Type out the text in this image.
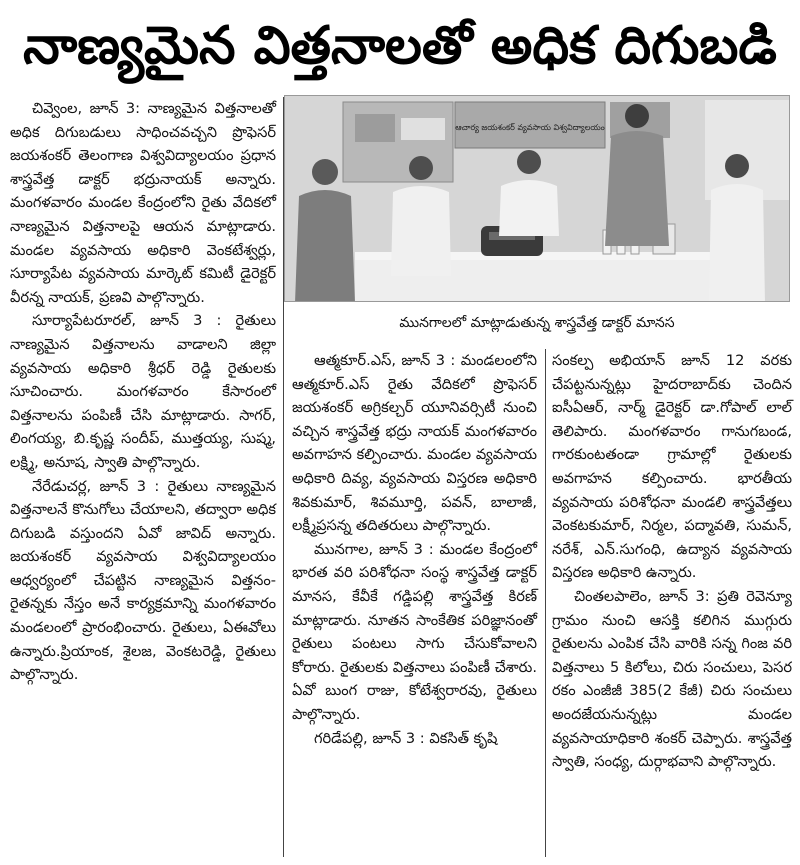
నాణ్యమైన విత్తనాలతో అధిక దిగుబడి
ఆచార్య జయశంకర్ వ్యవసాయ విశ్వవిద్యాలయం
మునగాలలో మాట్లాడుతున్న శాస్త్రవేత్త డాక్టర్ మానస

చివ్వెంల, జూన్ 3: నాణ్యమైన విత్తనాలతో అధిక దిగుబడులు సాధించవచ్చని ప్రొఫెసర్ జయశంకర్ తెలంగాణ విశ్వవిద్యాలయం ప్రధాన శాస్త్రవేత్త డాక్టర్ భద్రునాయక్ అన్నారు. మంగళవారం మండల కేంద్రంలోని రైతు వేదికలో నాణ్యమైన విత్తనాలపై ఆయన మాట్లాడారు. మండల వ్యవసాయ అధికారి వెంకటేశ్వర్లు, సూర్యాపేట వ్యవసాయ మార్కెట్ కమిటీ డైరెక్టర్ వీరన్న నాయక్, ప్రణవి పాల్గొన్నారు.

సూర్యాపేటరూరల్, జూన్ 3 : రైతులు నాణ్యమైన విత్తనాలను వాడాలని జిల్లా వ్యవసాయ అధికారి శ్రీధర్ రెడ్డి రైతులకు సూచించారు. మంగళవారం కేసారంలో విత్తనాలను పంపిణీ చేసి మాట్లాడారు. సాగర్, లింగయ్య, బి.కృష్ణ సందీప్, ముత్తయ్య, సుష్మ, లక్ష్మి, అనూష, స్వాతి పాల్గొన్నారు.

నేరేడుచర్ల, జూన్ 3 : రైతులు నాణ్యమైన విత్తనాలనే కొనుగోలు చేయాలని, తద్వారా అధిక దిగుబడి వస్తుందని ఏవో జావిద్ అన్నారు. జయశంకర్ వ్యవసాయ విశ్వవిద్యాలయం ఆధ్వర్యంలో చేపట్టిన నాణ్యమైన విత్తనం- రైతన్నకు నేస్తం అనే కార్యక్రమాన్ని మంగళవారం మండలంలో ప్రారంభించారు. రైతులు, ఏఈవోలు ఉన్నారు.ప్రియాంక, శైలజ, వెంకటరెడ్డి, రైతులు పాల్గొన్నారు.

ఆత్మకూర్.ఎస్, జూన్ 3 : మండలంలోని ఆత్మకూర్.ఎస్ రైతు వేదికలో ప్రొఫెసర్ జయశంకర్ అగ్రికల్చర్ యూనివర్సిటీ నుంచి వచ్చిన శాస్త్రవేత్త భద్రు నాయక్ మంగళవారం అవగాహన కల్పించారు. మండల వ్యవసాయ అధికారి దివ్య, వ్యవసాయ విస్తరణ అధికారి శివకుమార్, శివమూర్తి, పవన్, బాలాజీ, లక్ష్మీప్రసన్న తదితరులు పాల్గొన్నారు.

మునగాల, జూన్ 3 : మండల కేంద్రంలో భారత వరి పరిశోధనా సంస్థ శాస్త్రవేత్త డాక్టర్ మానస, కేవీకే గడ్డిపల్లి శాస్త్రవేత్త కిరణ్ మాట్లాడారు. నూతన సాంకేతిక పరిజ్ఞానంతో రైతులు పంటలు సాగు చేసుకోవాలని కోరారు. రైతులకు విత్తనాలు పంపిణీ చేశారు. ఏవో బుంగ రాజు, కోటేశ్వరారవు, రైతులు పాల్గొన్నారు.

గరిడేపల్లి, జూన్ 3 : వికసిత్ కృషి

సంకల్ప అభియాన్ జూన్ 12 వరకు చేపట్టనున్నట్లు హైదరాబాద్‌కు చెందిన ఐసీఏఆర్, నార్మ్ డైరెక్టర్ డా.గోపాల్ లాల్ తెలిపారు. మంగళవారం గానుగబండ, గారకుంటతండా గ్రామాల్లో రైతులకు అవగాహన కల్పించారు. భారతీయ వ్యవసాయ పరిశోధనా మండలి శాస్త్రవేత్తలు వెంకటకుమార్, నిర్మల, పద్మావతి, సుమన్, నరేశ్, ఎన్.సుగంధి, ఉద్యాన వ్యవసాయ విస్తరణ అధికారి ఉన్నారు.

చింతలపాలెం, జూన్ 3: ప్రతి రెవెన్యూ గ్రామం నుంచి ఆసక్తి కలిగిన ముగ్గురు రైతులను ఎంపిక చేసి వారికి సన్న గింజ వరి విత్తనాలు 5 కిలోలు, చిరు సంచులు, పెసర రకం ఎంజీజీ 385(2 కేజీ) చిరు సంచులు అందజేయనున్నట్లు మండల వ్యవసాయాధికారి శంకర్ చెప్పారు. శాస్త్రవేత్త స్వాతి, సంధ్య, దుర్గాభవాని పాల్గొన్నారు.
